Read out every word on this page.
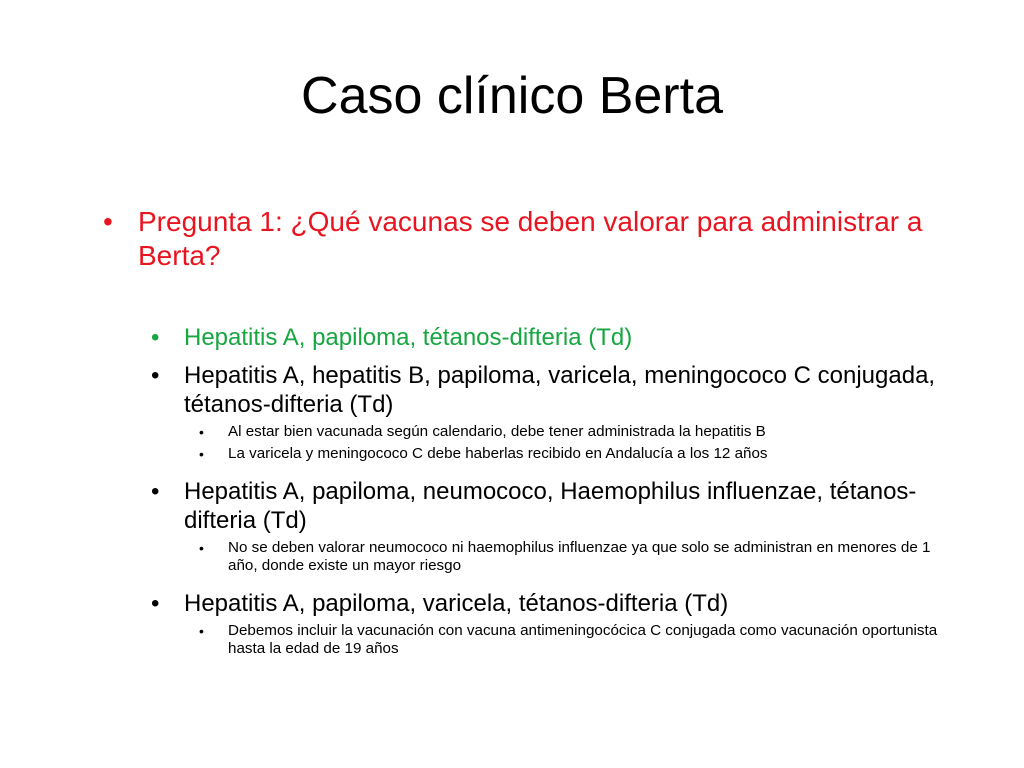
Caso clínico Berta
• Pregunta 1: ¿Qué vacunas se deben valorar para administrar a Berta?
• Hepatitis A, papiloma, tétanos-difteria (Td)
• Hepatitis A, hepatitis B, papiloma, varicela, meningococo C conjugada, tétanos-difteria (Td)
• Al estar bien vacunada según calendario, debe tener administrada la hepatitis B
• La varicela y meningococo C debe haberlas recibido en Andalucía a los 12 años
• Hepatitis A, papiloma, neumococo, Haemophilus influenzae, tétanos-difteria (Td)
• No se deben valorar neumococo ni haemophilus influenzae ya que solo se administran en menores de 1 año, donde existe un mayor riesgo
• Hepatitis A, papiloma, varicela, tétanos-difteria (Td)
• Debemos incluir la vacunación con vacuna antimeningocócica C conjugada como vacunación oportunista hasta la edad de 19 años
